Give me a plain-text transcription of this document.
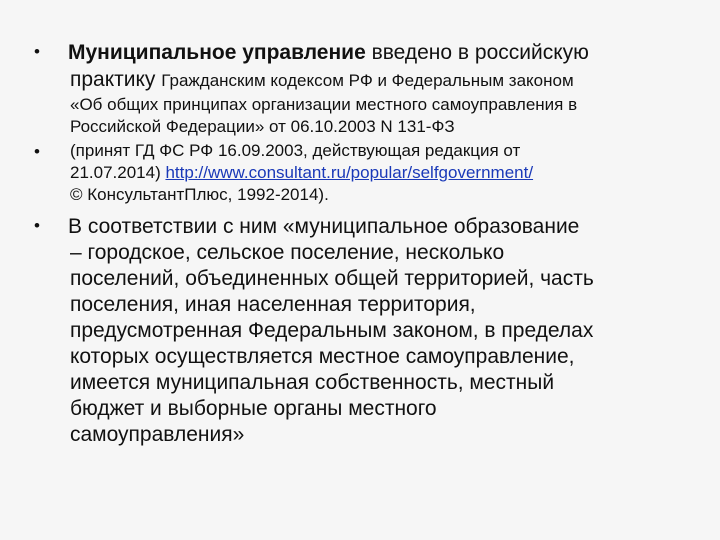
•
•
•
Муниципальное управление введено в российскую
практику Гражданским кодексом РФ и Федеральным законом
«Об общих принципах организации местного самоуправления в
Российской Федерации» от 06.10.2003 N 131-ФЗ
(принят ГД ФС РФ 16.09.2003, действующая редакция от
21.07.2014) http://www.consultant.ru/popular/selfgovernment/
© КонсультантПлюс, 1992-2014).
В соответствии с ним «муниципальное образование
– городское, сельское поселение, несколько
поселений, объединенных общей территорией, часть
поселения, иная населенная территория,
предусмотренная Федеральным законом, в пределах
которых осуществляется местное самоуправление,
имеется муниципальная собственность, местный
бюджет и выборные органы местного
самоуправления»
